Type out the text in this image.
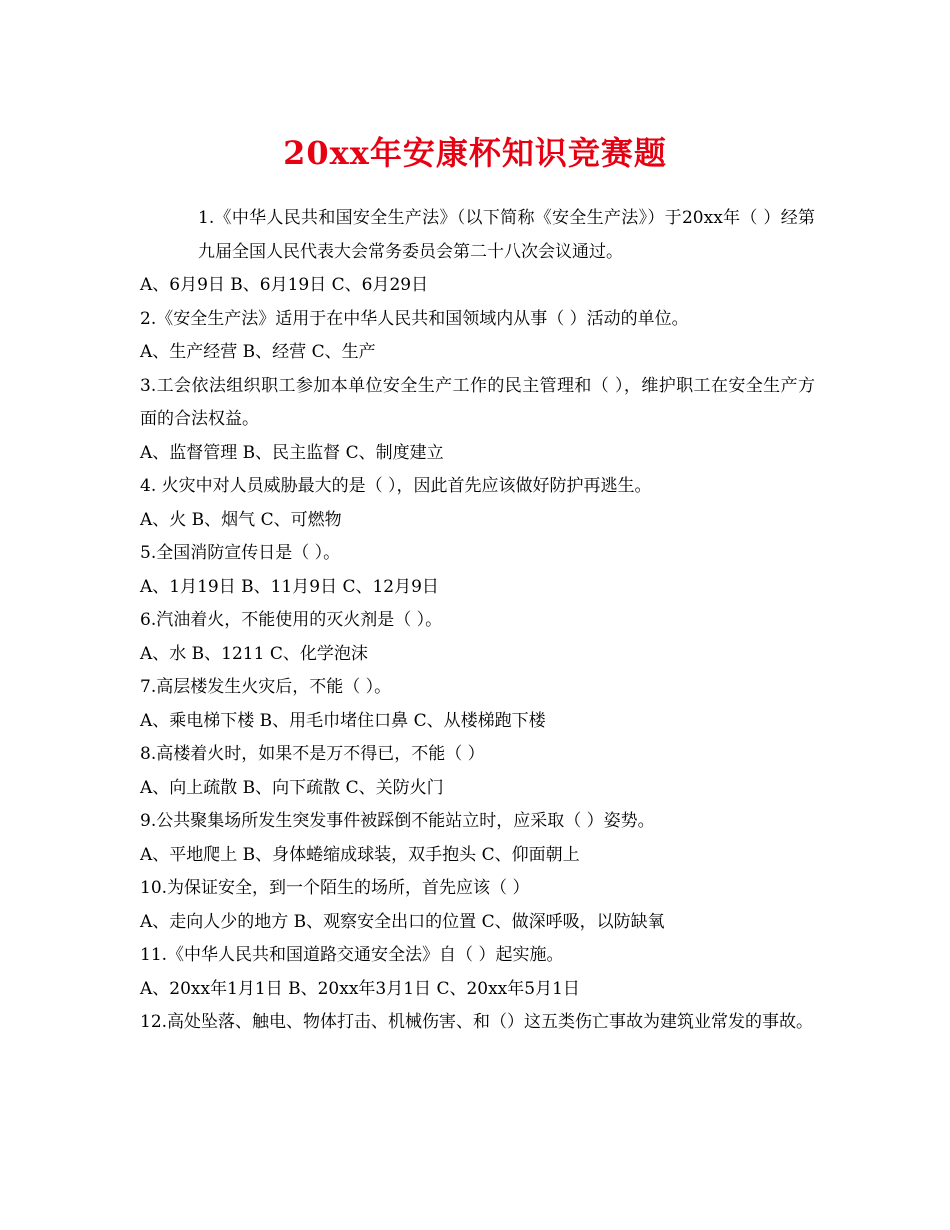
20xx年安康杯知识竞赛题
1.《中华人民共和国安全生产法》（以下简称《安全生产法》）于20xx年（ ）经第九届全国人民代表大会常务委员会第二十八次会议通过。
A、6月9日 B、6月19日 C、6月29日
2.《安全生产法》适用于在中华人民共和国领域内从事（ ）活动的单位。
A、生产经营 B、经营 C、生产
3.工会依法组织职工参加本单位安全生产工作的民主管理和（ ），维护职工在安全生产方面的合法权益。
A、监督管理 B、民主监督 C、制度建立
4. 火灾中对人员威胁最大的是（ ），因此首先应该做好防护再逃生。
A、火 B、烟气 C、可燃物
5.全国消防宣传日是（ ）。
A、1月19日 B、11月9日 C、12月9日
6.汽油着火，不能使用的灭火剂是（ ）。
A、水 B、1211 C、化学泡沫
7.高层楼发生火灾后，不能（ ）。
A、乘电梯下楼 B、用毛巾堵住口鼻 C、从楼梯跑下楼
8.高楼着火时，如果不是万不得已，不能（ ）
A、向上疏散 B、向下疏散 C、关防火门
9.公共聚集场所发生突发事件被踩倒不能站立时，应采取（ ）姿势。
A、平地爬上 B、身体蜷缩成球装，双手抱头 C、仰面朝上
10.为保证安全，到一个陌生的场所，首先应该（ ）
A、走向人少的地方 B、观察安全出口的位置 C、做深呼吸，以防缺氧
11.《中华人民共和国道路交通安全法》自（ ）起实施。
A、20xx年1月1日 B、20xx年3月1日 C、20xx年5月1日
12.高处坠落、触电、物体打击、机械伤害、和（）这五类伤亡事故为建筑业常发的事故。
